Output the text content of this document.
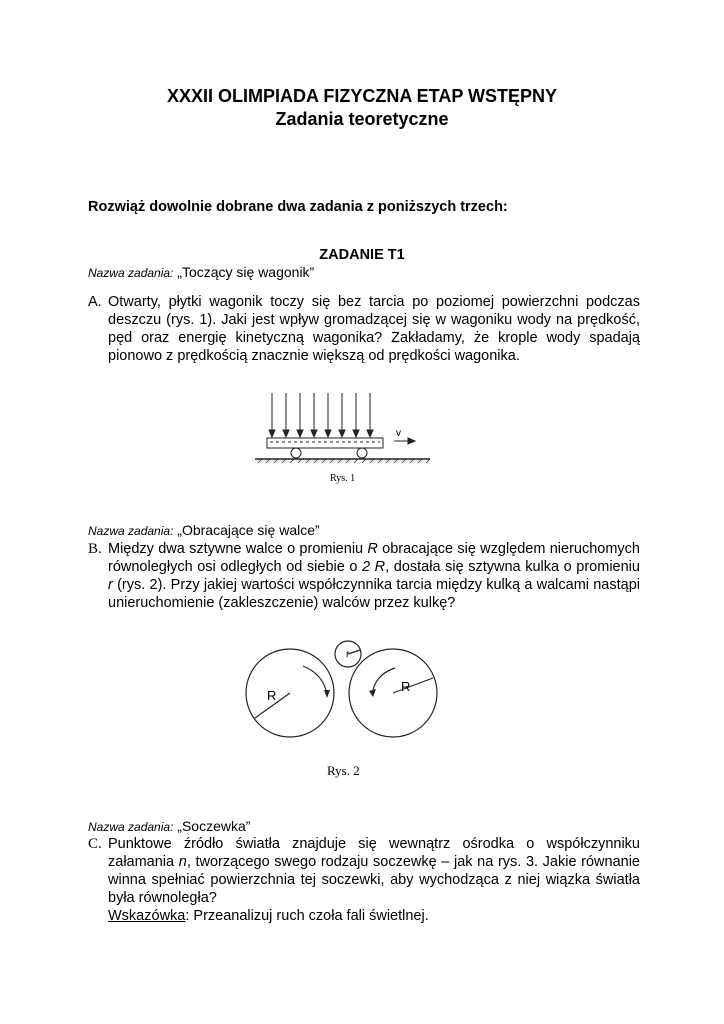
XXXII OLIMPIADA FIZYCZNA ETAP WSTĘPNY
Zadania teoretyczne
Rozwiąż dowolnie dobrane dwa zadania z poniższych trzech:
ZADANIE T1
Nazwa zadania: „Toczący się wagonik”
A. Otwarty, płytki wagonik toczy się bez tarcia po poziomej powierzchni podczas deszczu (rys. 1). Jaki jest wpływ gromadzącej się w wagoniku wody na prędkość, pęd oraz energię kinetyczną wagonika? Zakładamy, że krople wody spadają pionowo z prędkością znacznie większą od prędkości wagonika.

v
Rys. 1
Nazwa zadania: „Obracające się walce”
B. Między dwa sztywne walce o promieniu R obracające się względem nieruchomych równoległych osi odległych od siebie o 2 R, dostała się sztywna kulka o promieniu r (rys. 2). Przy jakiej wartości współczynnika tarcia między kulką a walcami nastąpi unieruchomienie (zakleszczenie) walców przez kulkę?

R
R
r
Rys. 2
Nazwa zadania: „Soczewka”
C. Punktowe źródło światła znajduje się wewnątrz ośrodka o współczynniku załamania n, tworzącego swego rodzaju soczewkę – jak na rys. 3. Jakie równanie winna spełniać powierzchnia tej soczewki, aby wychodząca z niej wiązka światła była równoległa?

Wskazówka: Przeanalizuj ruch czoła fali świetlnej.
